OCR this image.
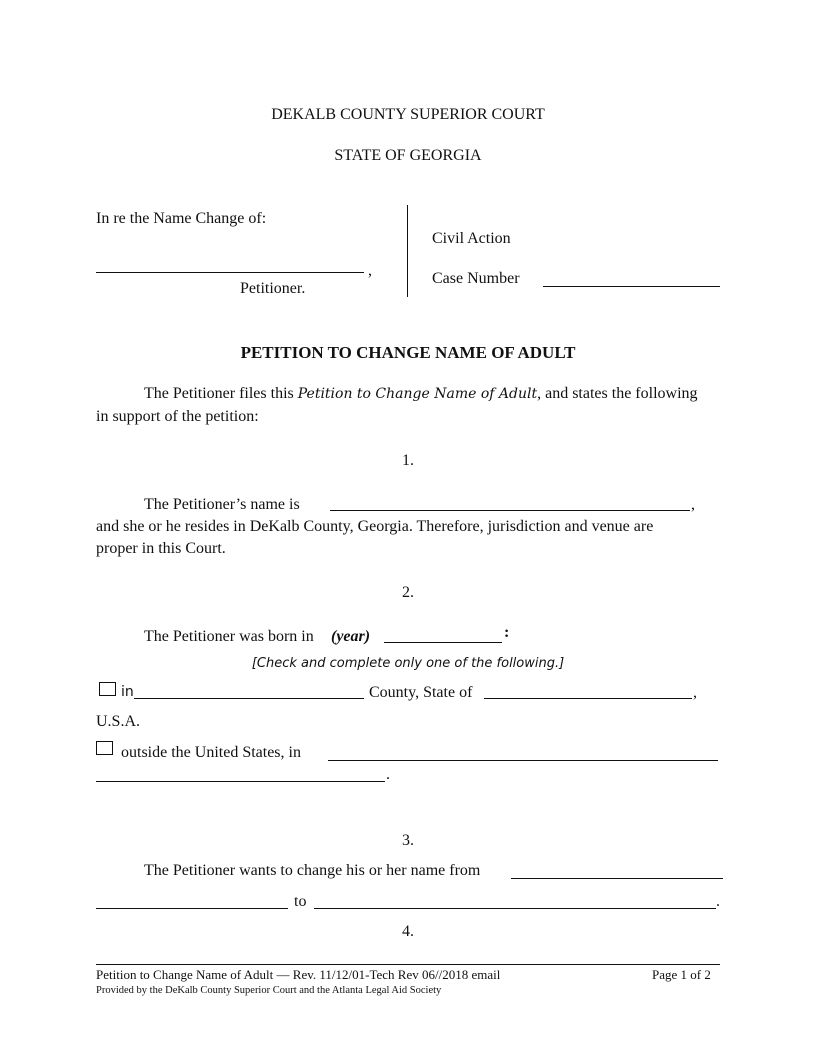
DEKALB COUNTY SUPERIOR COURT
STATE OF GEORGIA
In re the Name Change of:
,
Petitioner.
Civil Action
Case Number
PETITION TO CHANGE NAME OF ADULT
The Petitioner files this Petition to Change Name of Adult, and states the following
in support of the petition:
1.
The Petitioner’s name is	,
and she or he resides in DeKalb County, Georgia. Therefore, jurisdiction and venue are
proper in this Court.
2.
The Petitioner was born in (year)	:
[Check and complete only one of the following.]
in	County, State of	,
U.S.A.
outside the United States, in
.
3.
The Petitioner wants to change his or her name from
to	.
4.
Petition to Change Name of Adult — Rev. 11/12/01-Tech Rev 06//2018 email	Page 1 of 2
Provided by the DeKalb County Superior Court and the Atlanta Legal Aid Society
